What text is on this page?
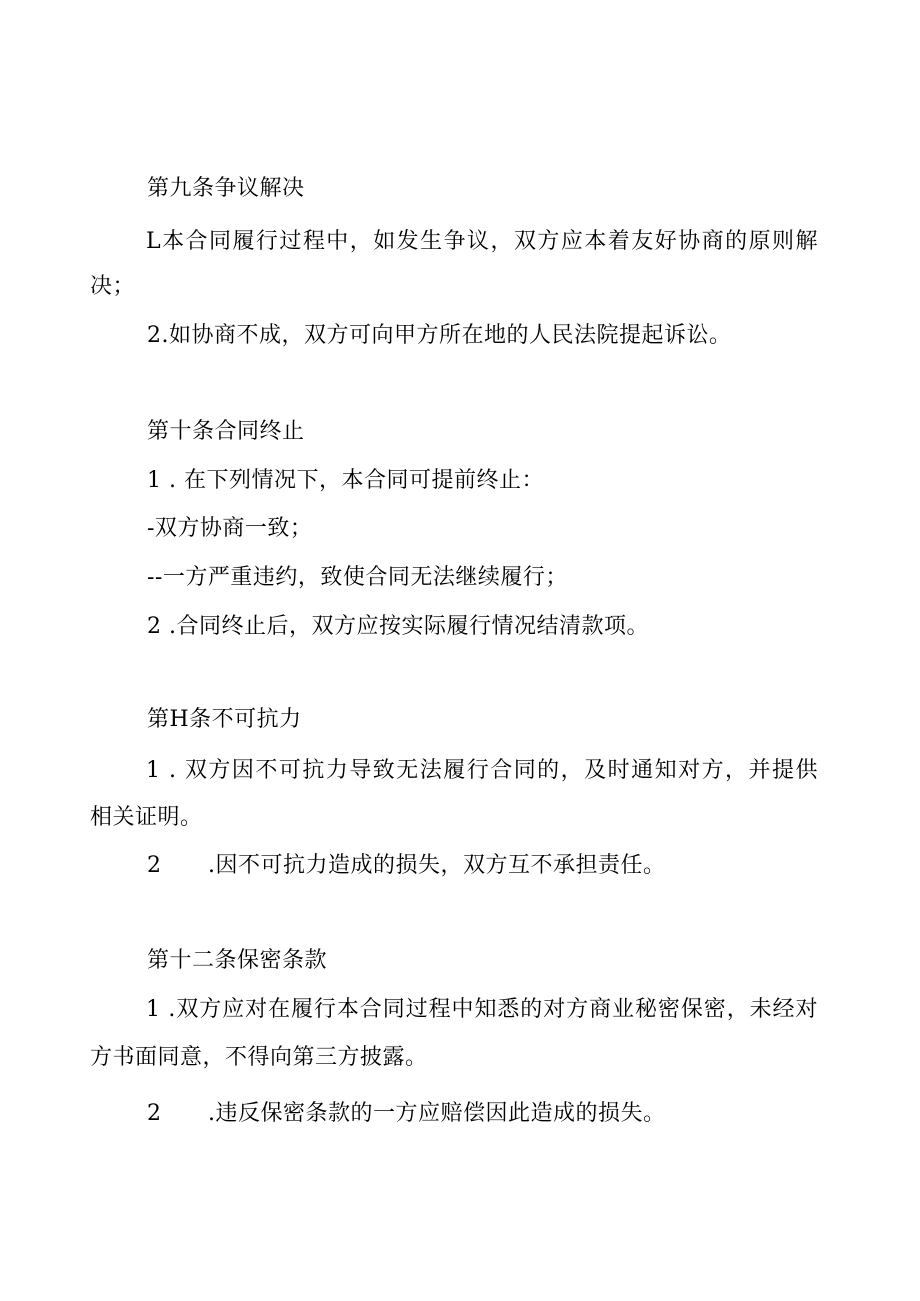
第九条争议解决
L本合同履行过程中，如发生争议，双方应本着友好协商的原则解
决；
2.如协商不成，双方可向甲方所在地的人民法院提起诉讼。
第十条合同终止
1 . 在下列情况下，本合同可提前终止：
-双方协商一致；
--一方严重违约，致使合同无法继续履行；
2 .合同终止后，双方应按实际履行情况结清款项。
第H条不可抗力
1 . 双方因不可抗力导致无法履行合同的，及时通知对方，并提供
相关证明。
2 .因不可抗力造成的损失，双方互不承担责任。
第十二条保密条款
1 .双方应对在履行本合同过程中知悉的对方商业秘密保密，未经对
方书面同意，不得向第三方披露。
2 .违反保密条款的一方应赔偿因此造成的损失。
